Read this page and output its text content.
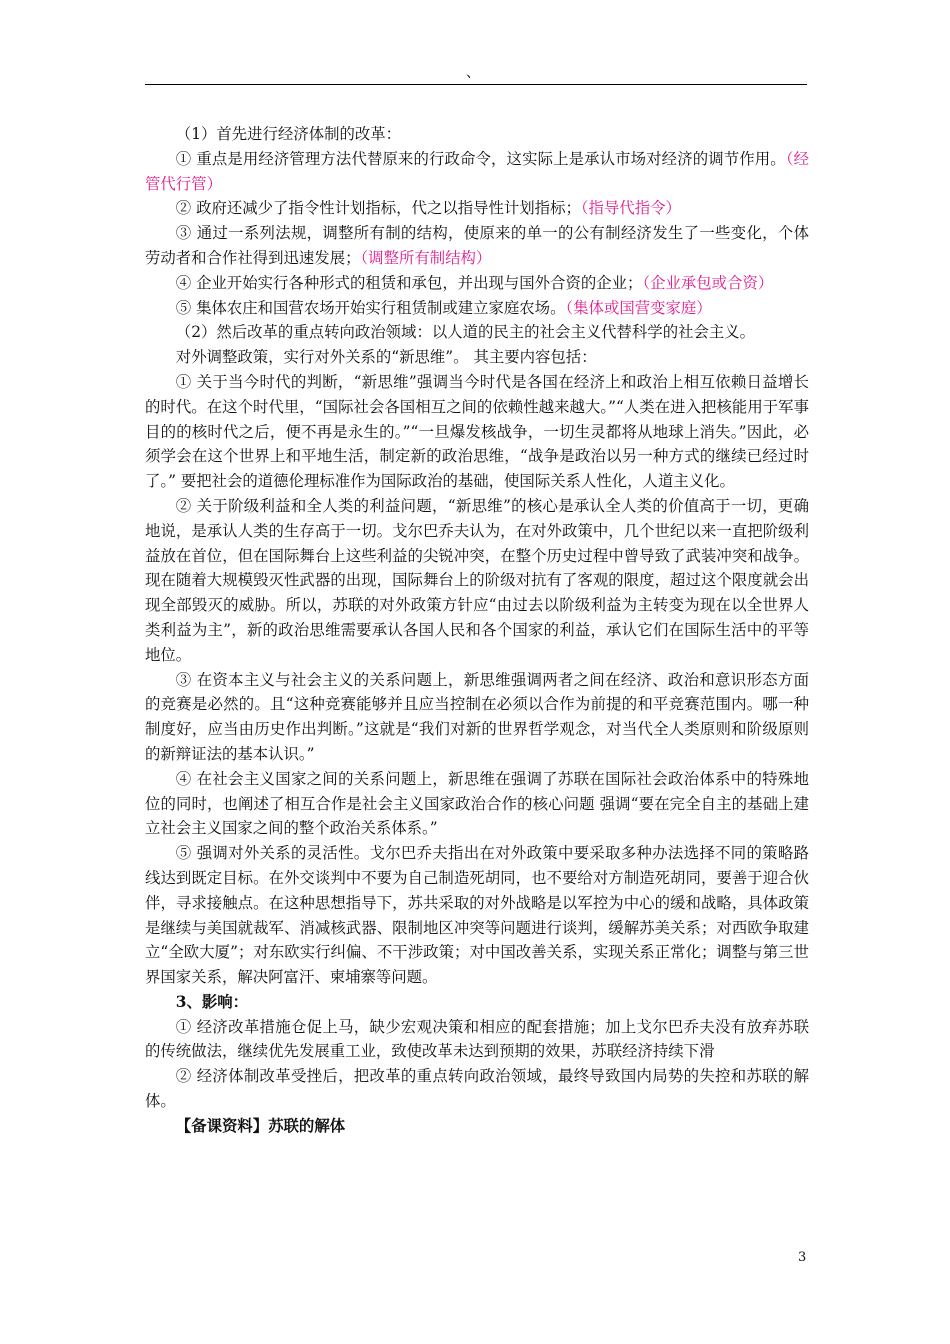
、

（1）首先进行经济体制的改革：

① 重点是用经济管理方法代替原来的行政命令，这实际上是承认市场对经济的调节作用。（经管代行管）

② 政府还减少了指令性计划指标，代之以指导性计划指标；（指导代指令）

③ 通过一系列法规，调整所有制的结构，使原来的单一的公有制经济发生了一些变化，个体劳动者和合作社得到迅速发展；（调整所有制结构）

④ 企业开始实行各种形式的租赁和承包，并出现与国外合资的企业；（企业承包或合资）

⑤ 集体农庄和国营农场开始实行租赁制或建立家庭农场。（集体或国营变家庭）

（2）然后改革的重点转向政治领域：以人道的民主的社会主义代替科学的社会主义。

对外调整政策，实行对外关系的“新思维”。 其主要内容包括：

① 关于当今时代的判断，“新思维”强调当今时代是各国在经济上和政治上相互依赖日益增长的时代。在这个时代里，“国际社会各国相互之间的依赖性越来越大。”“人类在进入把核能用于军事目的的核时代之后，便不再是永生的。”“一旦爆发核战争，一切生灵都将从地球上消失。”因此，必须学会在这个世界上和平地生活，制定新的政治思维，“战争是政治以另一种方式的继续已经过时了。” 要把社会的道德伦理标准作为国际政治的基础，使国际关系人性化，人道主义化。

② 关于阶级利益和全人类的利益问题，“新思维”的核心是承认全人类的价值高于一切，更确地说，是承认人类的生存高于一切。戈尔巴乔夫认为，在对外政策中，几个世纪以来一直把阶级利益放在首位，但在国际舞台上这些利益的尖锐冲突，在整个历史过程中曾导致了武装冲突和战争。现在随着大规模毁灭性武器的出现，国际舞台上的阶级对抗有了客观的限度，超过这个限度就会出现全部毁灭的威胁。所以，苏联的对外政策方针应“由过去以阶级利益为主转变为现在以全世界人类利益为主”，新的政治思维需要承认各国人民和各个国家的利益，承认它们在国际生活中的平等地位。

③ 在资本主义与社会主义的关系问题上，新思维强调两者之间在经济、政治和意识形态方面的竞赛是必然的。且“这种竞赛能够并且应当控制在必须以合作为前提的和平竞赛范围内。哪一种制度好，应当由历史作出判断。”这就是“我们对新的世界哲学观念，对当代全人类原则和阶级原则的新辩证法的基本认识。”

④ 在社会主义国家之间的关系问题上，新思维在强调了苏联在国际社会政治体系中的特殊地位的同时，也阐述了相互合作是社会主义国家政治合作的核心问题 强调“要在完全自主的基础上建立社会主义国家之间的整个政治关系体系。”

⑤ 强调对外关系的灵活性。戈尔巴乔夫指出在对外政策中要采取多种办法选择不同的策略路线达到既定目标。在外交谈判中不要为自己制造死胡同，也不要给对方制造死胡同，要善于迎合伙伴，寻求接触点。在这种思想指导下，苏共采取的对外战略是以军控为中心的缓和战略，具体政策是继续与美国就裁军、消减核武器、限制地区冲突等问题进行谈判，缓解苏美关系；对西欧争取建立“全欧大厦”；对东欧实行纠偏、不干涉政策；对中国改善关系，实现关系正常化；调整与第三世界国家关系，解决阿富汗、柬埔寨等问题。

3、影响：

① 经济改革措施仓促上马，缺少宏观决策和相应的配套措施；加上戈尔巴乔夫没有放弃苏联的传统做法，继续优先发展重工业，致使改革未达到预期的效果，苏联经济持续下滑

② 经济体制改革受挫后，把改革的重点转向政治领域，最终导致国内局势的失控和苏联的解体。

【备课资料】苏联的解体

3
